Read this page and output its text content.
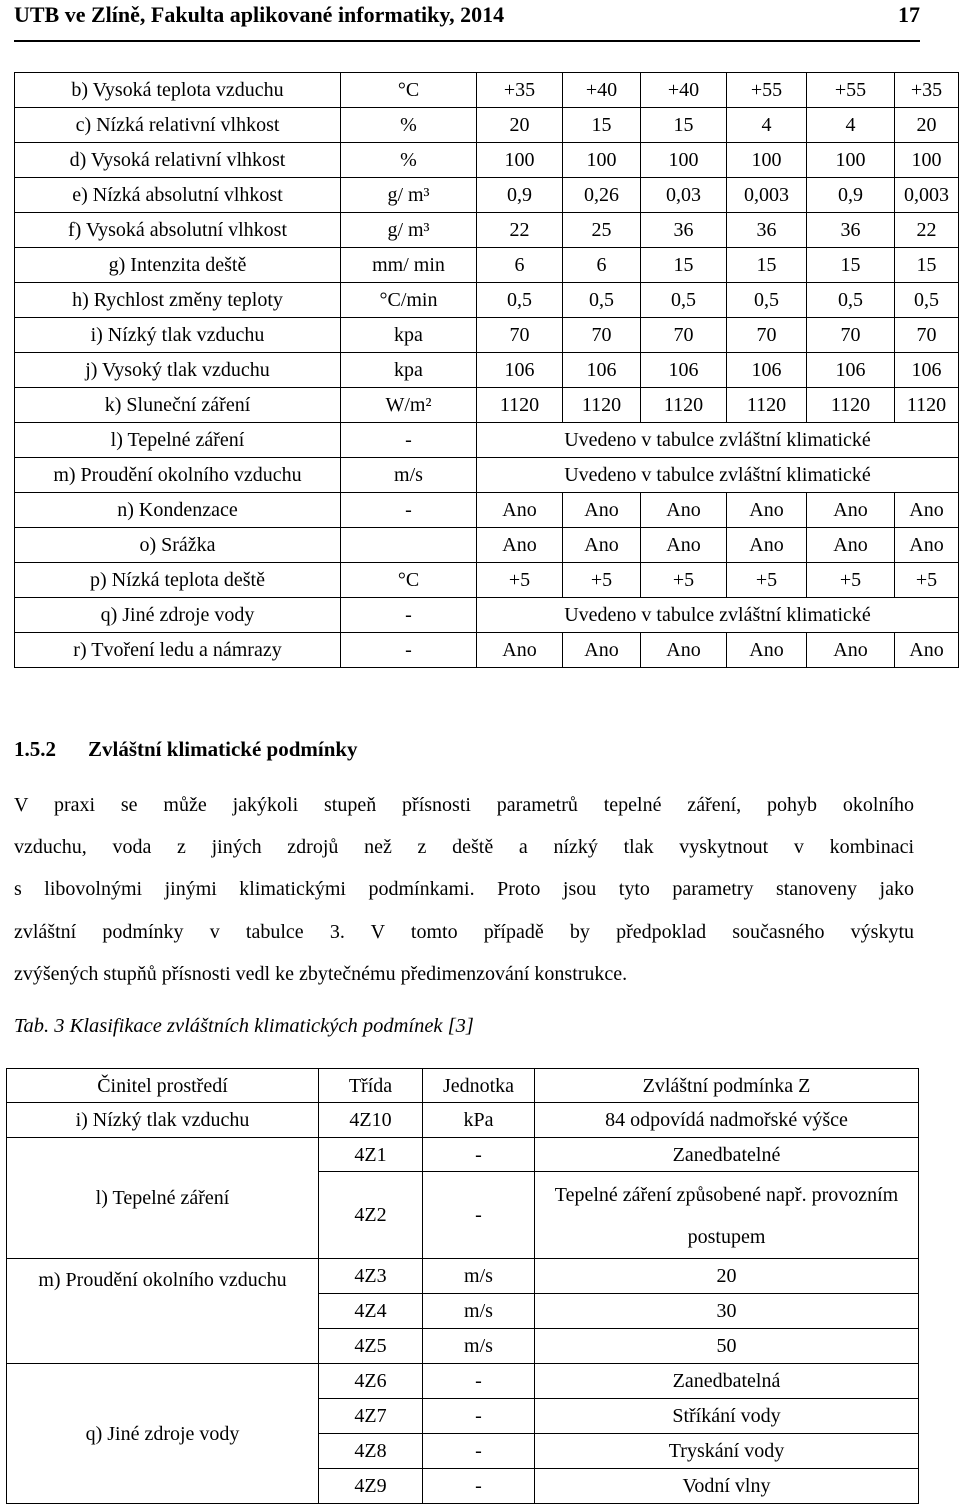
UTB ve Zlíně, Fakulta aplikované informatiky, 2014	17
b) Vysoká teplota vzduchu	°C	+35	+40	+40	+55	+55	+35
c) Nízká relativní vlhkost	%	20	15	15	4	4	20
d) Vysoká relativní vlhkost	%	100	100	100	100	100	100
e) Nízká absolutní vlhkost	g/ m³	0,9	0,26	0,03	0,003	0,9	0,003
f) Vysoká absolutní vlhkost	g/ m³	22	25	36	36	36	22
g) Intenzita deště	mm/ min	6	6	15	15	15	15
h) Rychlost změny teploty	°C/min	0,5	0,5	0,5	0,5	0,5	0,5
i) Nízký tlak vzduchu	kpa	70	70	70	70	70	70
j) Vysoký tlak vzduchu	kpa	106	106	106	106	106	106
k) Sluneční záření	W/m²	1120	1120	1120	1120	1120	1120
l) Tepelné záření	-	Uvedeno v tabulce zvláštní klimatické					
m) Proudění okolního vzduchu	m/s	Uvedeno v tabulce zvláštní klimatické					
n) Kondenzace	-	Ano	Ano	Ano	Ano	Ano	Ano
o) Srážka		Ano	Ano	Ano	Ano	Ano	Ano
p) Nízká teplota deště	°C	+5	+5	+5	+5	+5	+5
q) Jiné zdroje vody	-	Uvedeno v tabulce zvláštní klimatické					
r) Tvoření ledu a námrazy	-	Ano	Ano	Ano	Ano	Ano	Ano
1.5.2 Zvláštní klimatické podmínky
V praxi se může jakýkoli stupeň přísnosti parametrů tepelné záření, pohyb okolního
vzduchu, voda z jiných zdrojů než z deště a nízký tlak vyskytnout v kombinaci
s libovolnými jinými klimatickými podmínkami. Proto jsou tyto parametry stanoveny jako
zvláštní podmínky v tabulce 3. V tomto případě by předpoklad současného výskytu
zvýšených stupňů přísnosti vedl ke zbytečnému předimenzování konstrukce.
Tab. 3 Klasifikace zvláštních klimatických podmínek [3]
Činitel prostředí	Třída	Jednotka	Zvláštní podmínka Z
i) Nízký tlak vzduchu	4Z10	kPa	84 odpovídá nadmořské výšce
l) Tepelné záření	4Z1	-	Zanedbatelné
	4Z2	-	Tepelné záření způsobené např. provozním postupem
m) Proudění okolního vzduchu	4Z3	m/s	20
	4Z4	m/s	30
	4Z5	m/s	50
q) Jiné zdroje vody	4Z6	-	Zanedbatelná
	4Z7	-	Stříkání vody
	4Z8	-	Tryskání vody
	4Z9	-	Vodní vlny
